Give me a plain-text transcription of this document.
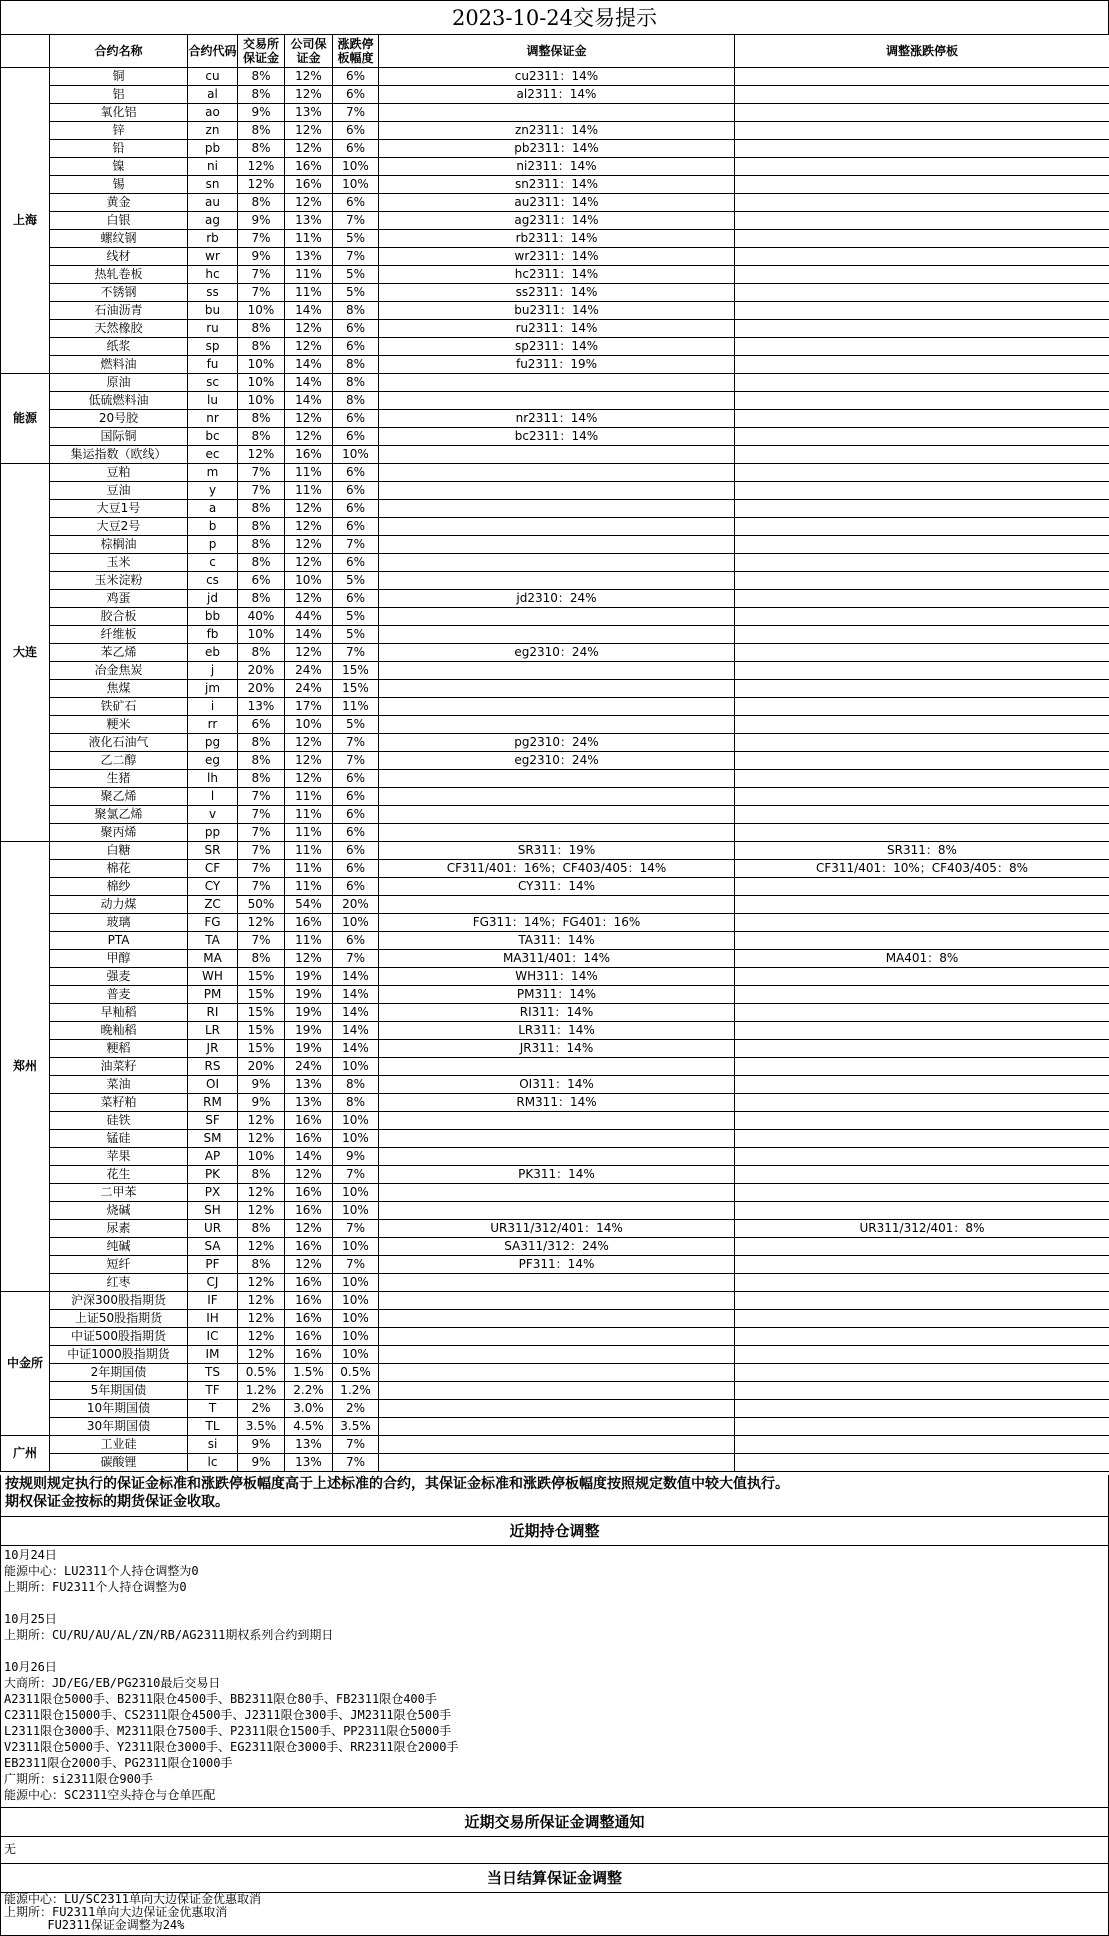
2023-10-24交易提示
	合约名称	合约代码	交易所保证金	公司保证金	涨跌停板幅度	调整保证金	调整涨跌停板
上海	铜	cu	8%	12%	6%	cu2311：14%	
	铝	al	8%	12%	6%	al2311：14%	
	氧化铝	ao	9%	13%	7%		
	锌	zn	8%	12%	6%	zn2311：14%	
	铅	pb	8%	12%	6%	pb2311：14%	
	镍	ni	12%	16%	10%	ni2311：14%	
	锡	sn	12%	16%	10%	sn2311：14%	
	黄金	au	8%	12%	6%	au2311：14%	
	白银	ag	9%	13%	7%	ag2311：14%	
	螺纹钢	rb	7%	11%	5%	rb2311：14%	
	线材	wr	9%	13%	7%	wr2311：14%	
	热轧卷板	hc	7%	11%	5%	hc2311：14%	
	不锈钢	ss	7%	11%	5%	ss2311：14%	
	石油沥青	bu	10%	14%	8%	bu2311：14%	
	天然橡胶	ru	8%	12%	6%	ru2311：14%	
	纸浆	sp	8%	12%	6%	sp2311：14%	
	燃料油	fu	10%	14%	8%	fu2311：19%	
能源	原油	sc	10%	14%	8%		
	低硫燃料油	lu	10%	14%	8%		
	20号胶	nr	8%	12%	6%	nr2311：14%	
	国际铜	bc	8%	12%	6%	bc2311：14%	
	集运指数（欧线）	ec	12%	16%	10%		
大连	豆粕	m	7%	11%	6%		
	豆油	y	7%	11%	6%		
	大豆1号	a	8%	12%	6%		
	大豆2号	b	8%	12%	6%		
	棕榈油	p	8%	12%	7%		
	玉米	c	8%	12%	6%		
	玉米淀粉	cs	6%	10%	5%		
	鸡蛋	jd	8%	12%	6%	jd2310：24%	
	胶合板	bb	40%	44%	5%		
	纤维板	fb	10%	14%	5%		
	苯乙烯	eb	8%	12%	7%	eg2310：24%	
	冶金焦炭	j	20%	24%	15%		
	焦煤	jm	20%	24%	15%		
	铁矿石	i	13%	17%	11%		
	粳米	rr	6%	10%	5%		
	液化石油气	pg	8%	12%	7%	pg2310：24%	
	乙二醇	eg	8%	12%	7%	eg2310：24%	
	生猪	lh	8%	12%	6%		
	聚乙烯	l	7%	11%	6%		
	聚氯乙烯	v	7%	11%	6%		
	聚丙烯	pp	7%	11%	6%		
郑州	白糖	SR	7%	11%	6%	SR311：19%	SR311：8%
	棉花	CF	7%	11%	6%	CF311/401：16%；CF403/405：14%	CF311/401：10%；CF403/405：8%
	棉纱	CY	7%	11%	6%	CY311：14%	
	动力煤	ZC	50%	54%	20%		
	玻璃	FG	12%	16%	10%	FG311：14%；FG401：16%	
	PTA	TA	7%	11%	6%	TA311：14%	
	甲醇	MA	8%	12%	7%	MA311/401：14%	MA401：8%
	强麦	WH	15%	19%	14%	WH311：14%	
	普麦	PM	15%	19%	14%	PM311：14%	
	早籼稻	RI	15%	19%	14%	RI311：14%	
	晚籼稻	LR	15%	19%	14%	LR311：14%	
	粳稻	JR	15%	19%	14%	JR311：14%	
	油菜籽	RS	20%	24%	10%		
	菜油	OI	9%	13%	8%	OI311：14%	
	菜籽粕	RM	9%	13%	8%	RM311：14%	
	硅铁	SF	12%	16%	10%		
	锰硅	SM	12%	16%	10%		
	苹果	AP	10%	14%	9%		
	花生	PK	8%	12%	7%	PK311：14%	
	二甲苯	PX	12%	16%	10%		
	烧碱	SH	12%	16%	10%		
	尿素	UR	8%	12%	7%	UR311/312/401：14%	UR311/312/401：8%
	纯碱	SA	12%	16%	10%	SA311/312：24%	
	短纤	PF	8%	12%	7%	PF311：14%	
	红枣	CJ	12%	16%	10%		
中金所	沪深300股指期货	IF	12%	16%	10%		
	上证50股指期货	IH	12%	16%	10%		
	中证500股指期货	IC	12%	16%	10%		
	中证1000股指期货	IM	12%	16%	10%		
	2年期国债	TS	0.5%	1.5%	0.5%		
	5年期国债	TF	1.2%	2.2%	1.2%		
	10年期国债	T	2%	3.0%	2%		
	30年期国债	TL	3.5%	4.5%	3.5%		
广州	工业硅	si	9%	13%	7%		
	碳酸锂	lc	9%	13%	7%		
按规则规定执行的保证金标准和涨跌停板幅度高于上述标准的合约，其保证金标准和涨跌停板幅度按照规定数值中较大值执行。
期权保证金按标的期货保证金收取。
近期持仓调整
10月24日
能源中心：LU2311个人持仓调整为0
上期所：FU2311个人持仓调整为0

10月25日
上期所：CU/RU/AU/AL/ZN/RB/AG2311期权系列合约到期日

10月26日
大商所：JD/EG/EB/PG2310最后交易日
A2311限仓5000手、B2311限仓4500手、BB2311限仓80手、FB2311限仓400手
C2311限仓15000手、CS2311限仓4500手、J2311限仓300手、JM2311限仓500手
L2311限仓3000手、M2311限仓7500手、P2311限仓1500手、PP2311限仓5000手
V2311限仓5000手、Y2311限仓3000手、EG2311限仓3000手、RR2311限仓2000手
EB2311限仓2000手、PG2311限仓1000手
广期所：si2311限仓900手
能源中心：SC2311空头持仓与仓单匹配
近期交易所保证金调整通知
无
当日结算保证金调整
能源中心：LU/SC2311单向大边保证金优惠取消
上期所：FU2311单向大边保证金优惠取消
FU2311保证金调整为24%
